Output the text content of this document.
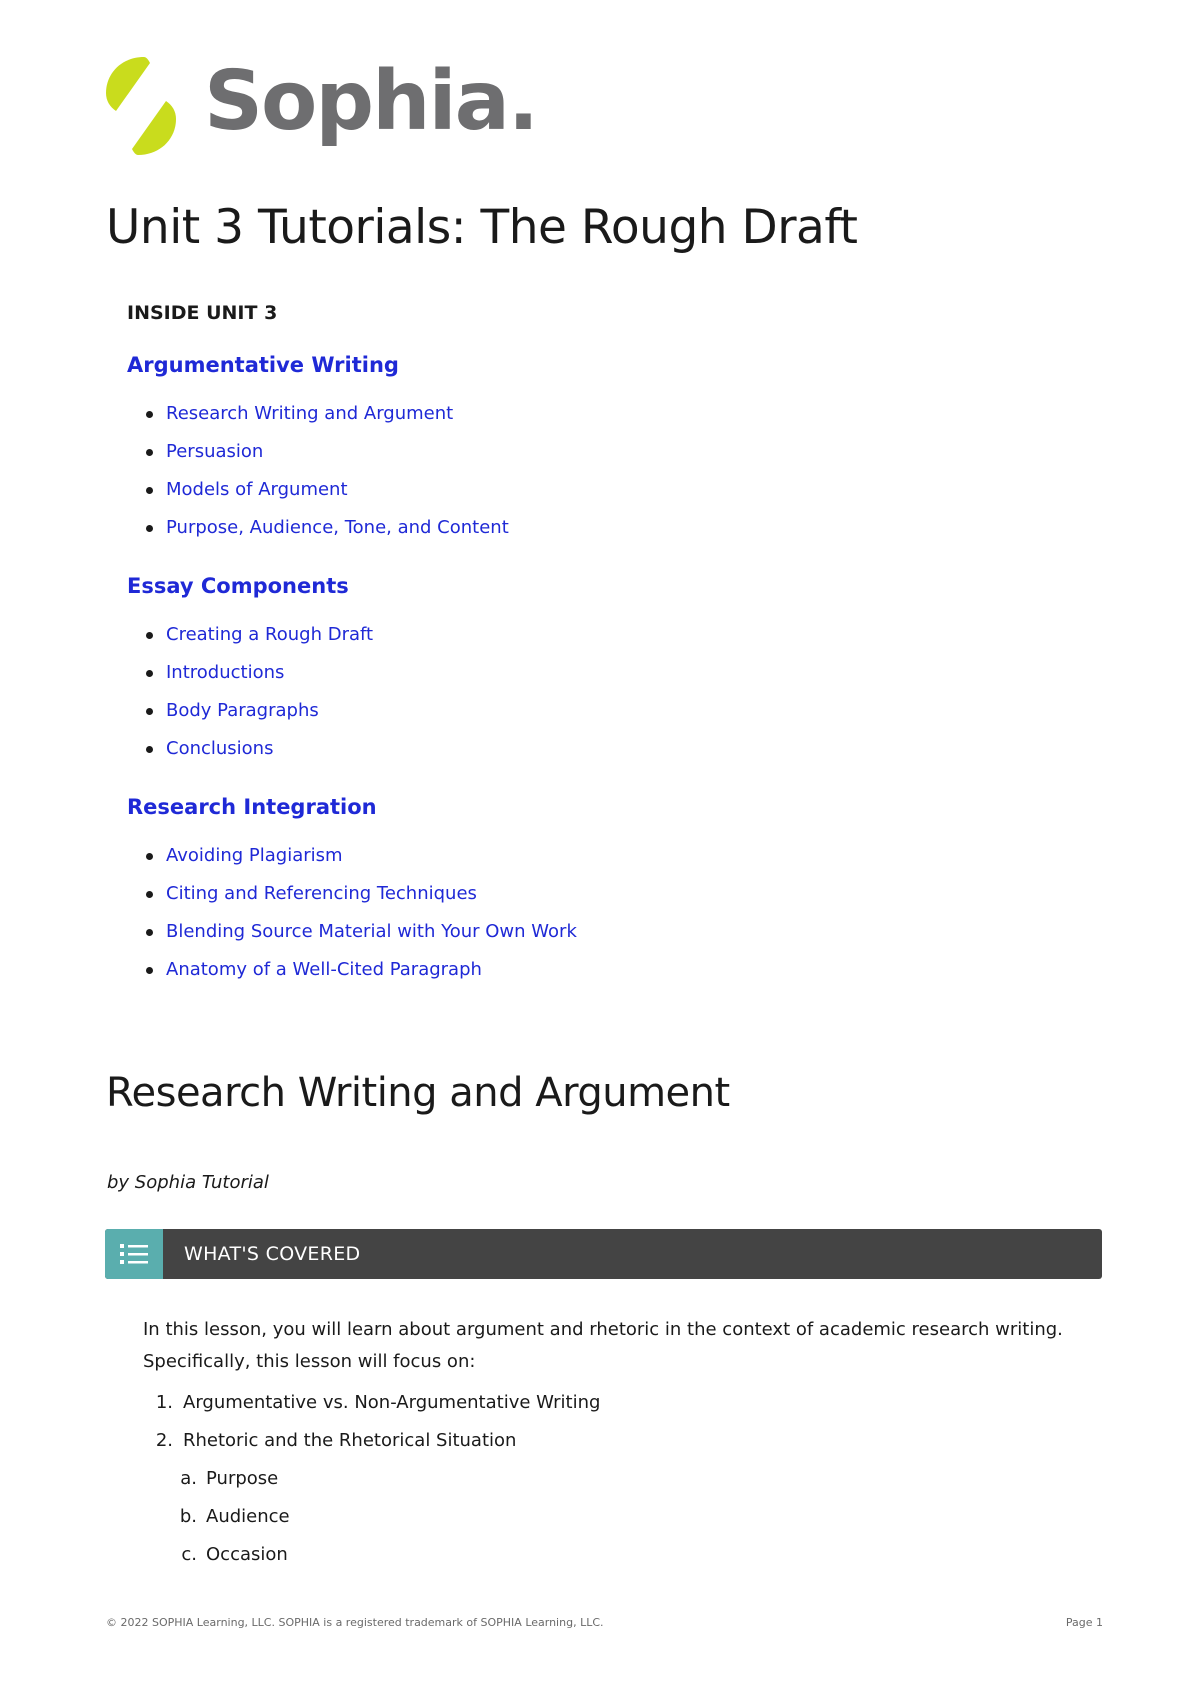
Sophia.
Unit 3 Tutorials: The Rough Draft
INSIDE UNIT 3
Argumentative Writing
Research Writing and Argument
Persuasion
Models of Argument
Purpose, Audience, Tone, and Content
Essay Components
Creating a Rough Draft
Introductions
Body Paragraphs
Conclusions
Research Integration
Avoiding Plagiarism
Citing and Referencing Techniques
Blending Source Material with Your Own Work
Anatomy of a Well-Cited Paragraph
Research Writing and Argument
by Sophia Tutorial
WHAT'S COVERED
In this lesson, you will learn about argument and rhetoric in the context of academic research writing. Specifically, this lesson will focus on:
1. Argumentative vs. Non-Argumentative Writing
2. Rhetoric and the Rhetorical Situation
a. Purpose
b. Audience
c. Occasion
© 2022 SOPHIA Learning, LLC. SOPHIA is a registered trademark of SOPHIA Learning, LLC.	Page 1
